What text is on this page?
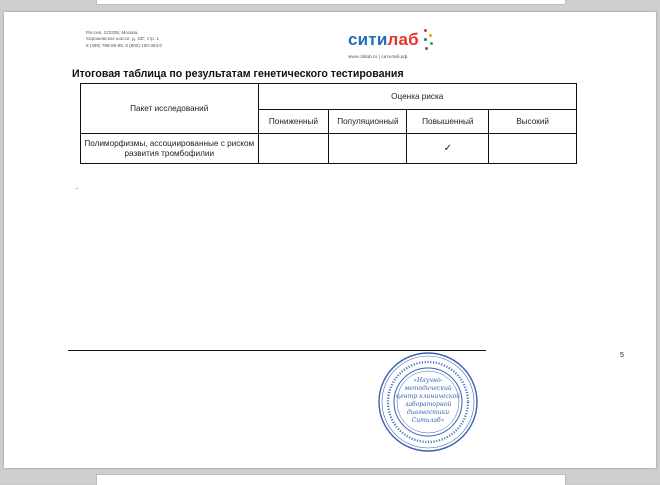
Россия, 123308, Москва,
Хорошевское шоссе, д. 43Г, стр. 1
8 (495) 788-95-95, 8 (800) 100-363-0	ситилаб
www.citilab.ru | ситилаб.рф
Итоговая таблица по результатам генетического тестирования
Пакет исследований	Оценка риска			
	Пониженный	Популяционный	Повышенный	Высокий
Полиморфизмы, ассоциированные с риском развития тромбофилии			✓	
-
5
«Научно-
методический
центр клинической
лабораторной
диагностики
Ситилаб»
